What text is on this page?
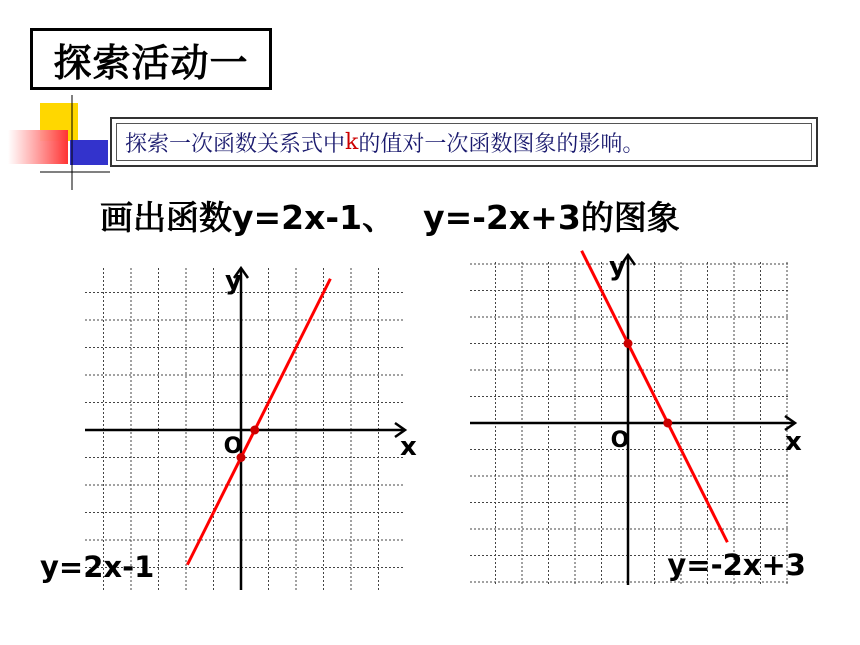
探索活动一
探索一次函数关系式中 k 的值对一次函数图象的影响。
画出函数y=2x-1、 y=-2x+3的图象
x
y
O
y=2x-1
x
y
O
y=-2x+3
